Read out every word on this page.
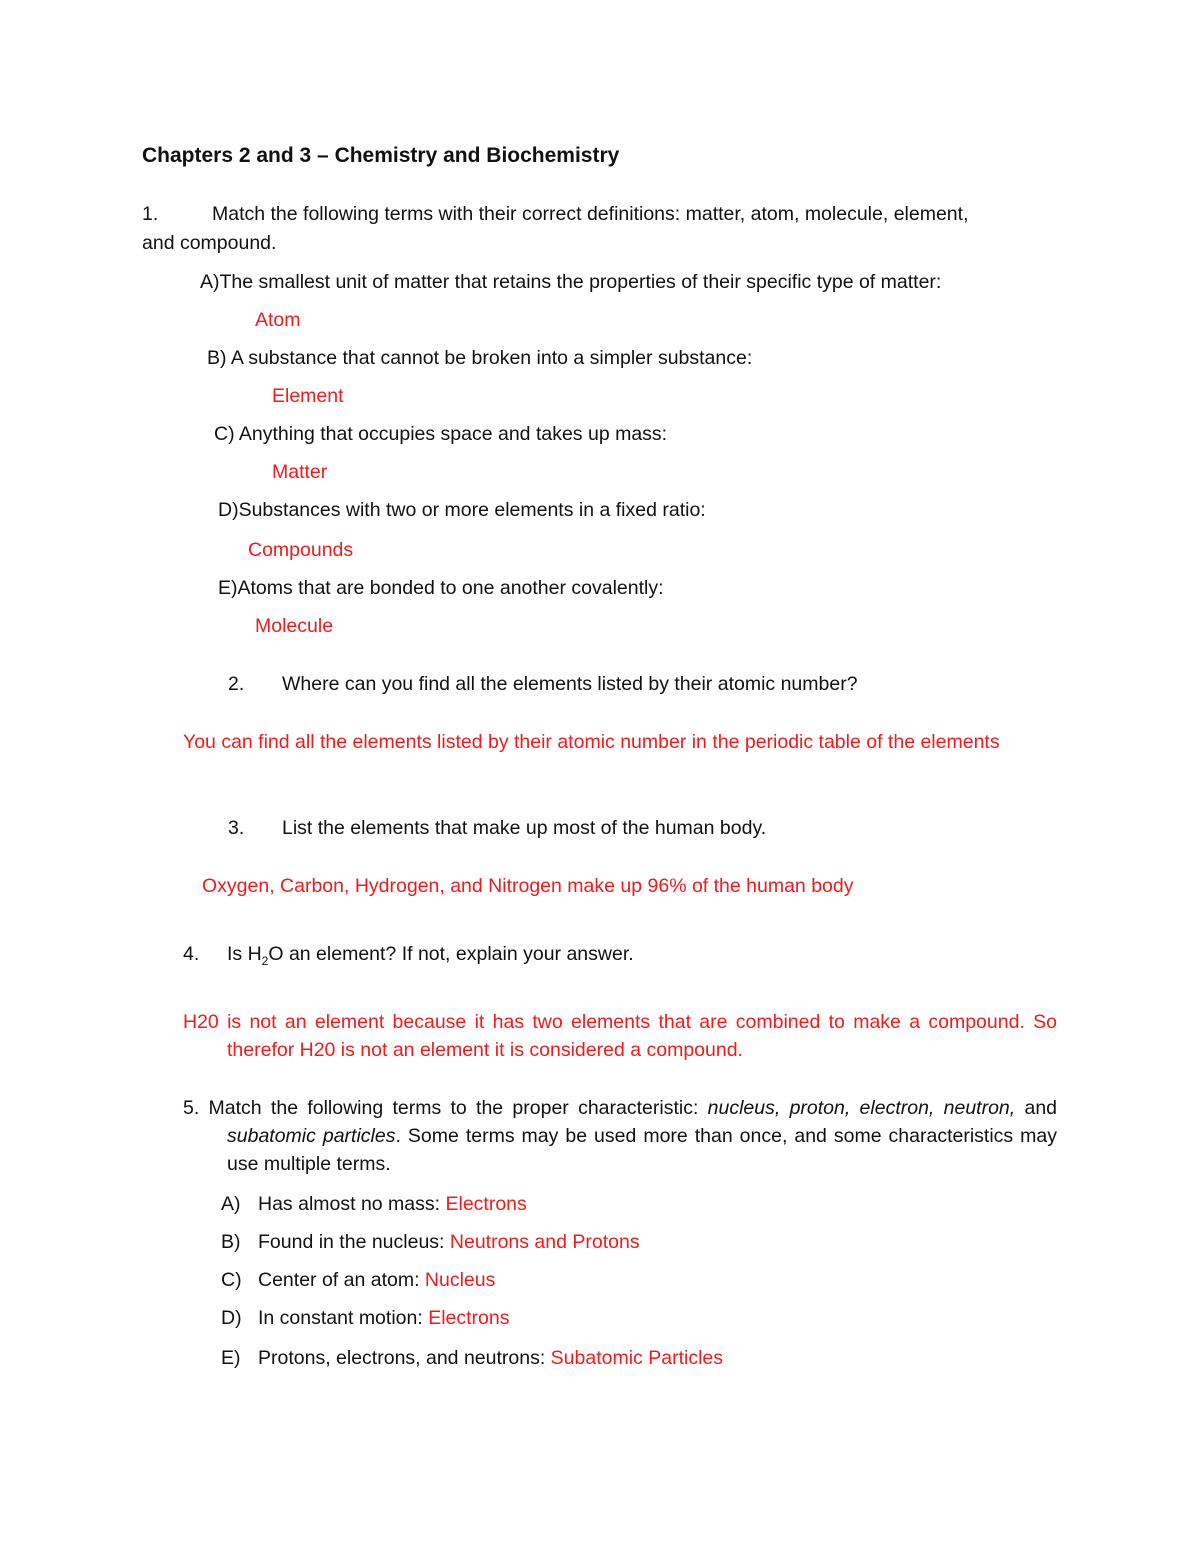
Chapters 2 and 3 – Chemistry and Biochemistry
1.	Match the following terms with their correct definitions: matter, atom, molecule, element,
and compound.
A)The smallest unit of matter that retains the properties of their specific type of matter:
Atom
B) A substance that cannot be broken into a simpler substance:
Element
C) Anything that occupies space and takes up mass:
Matter
D)Substances with two or more elements in a fixed ratio:
Compounds
E)Atoms that are bonded to one another covalently:
Molecule
2. Where can you find all the elements listed by their atomic number?
You can find all the elements listed by their atomic number in the periodic table of the elements
3. List the elements that make up most of the human body.
Oxygen, Carbon, Hydrogen, and Nitrogen make up 96% of the human body
4. Is $H_2O$ an element? If not, explain your answer.
H20 is not an element because it has two elements that are combined to make a compound. So therefor H20 is not an element it is considered a compound.
5. Match the following terms to the proper characteristic: nucleus, proton, electron, neutron, and subatomic particles. Some terms may be used more than once, and some characteristics may use multiple terms.
A) Has almost no mass: Electrons
B) Found in the nucleus: Neutrons and Protons
C) Center of an atom: Nucleus
D) In constant motion: Electrons
E) Protons, electrons, and neutrons: Subatomic Particles
